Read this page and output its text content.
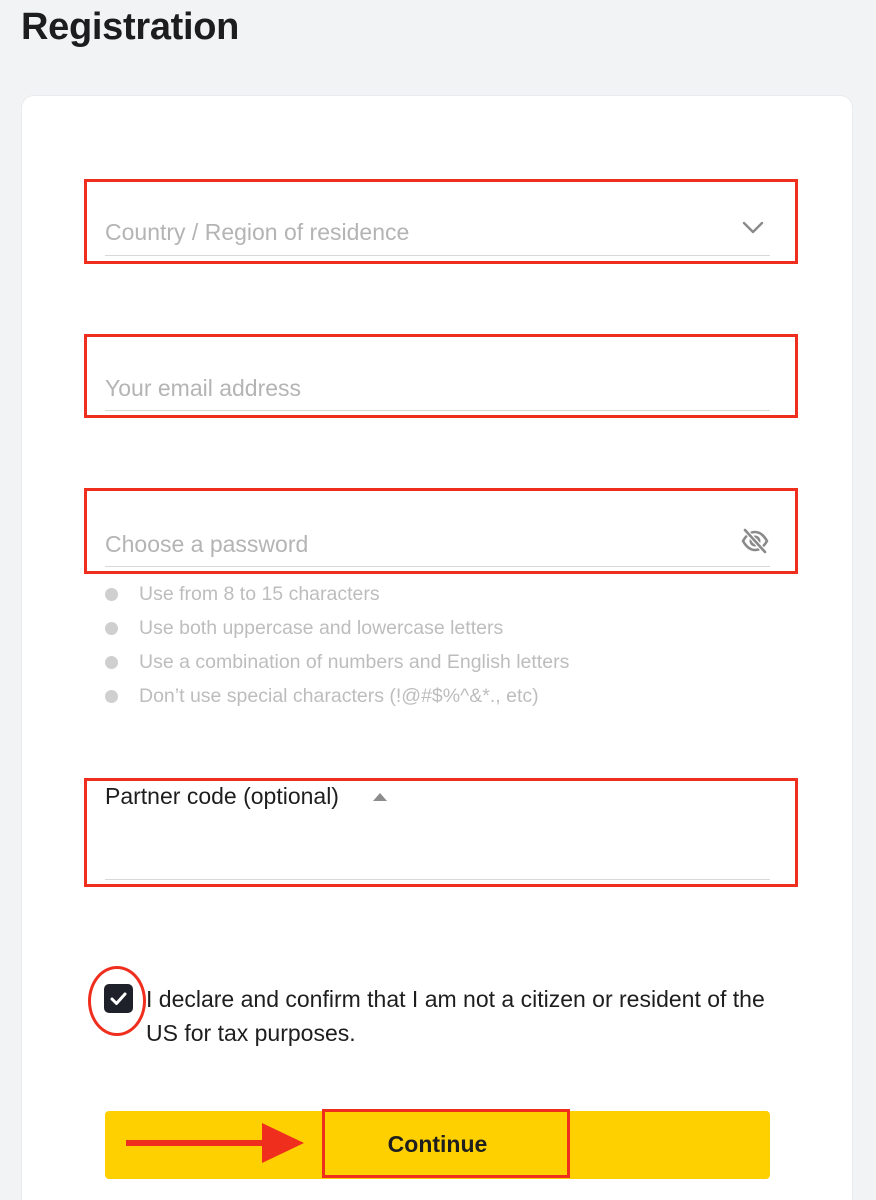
Registration
Country / Region of residence
Your email address
Use from 8 to 15 characters
Use both uppercase and lowercase letters
Use a combination of numbers and English letters
Don’t use special characters (!@#$%^&*., etc)
Partner code (optional)

I declare and confirm that I am not a citizen or resident of the US for tax purposes.

Continue
